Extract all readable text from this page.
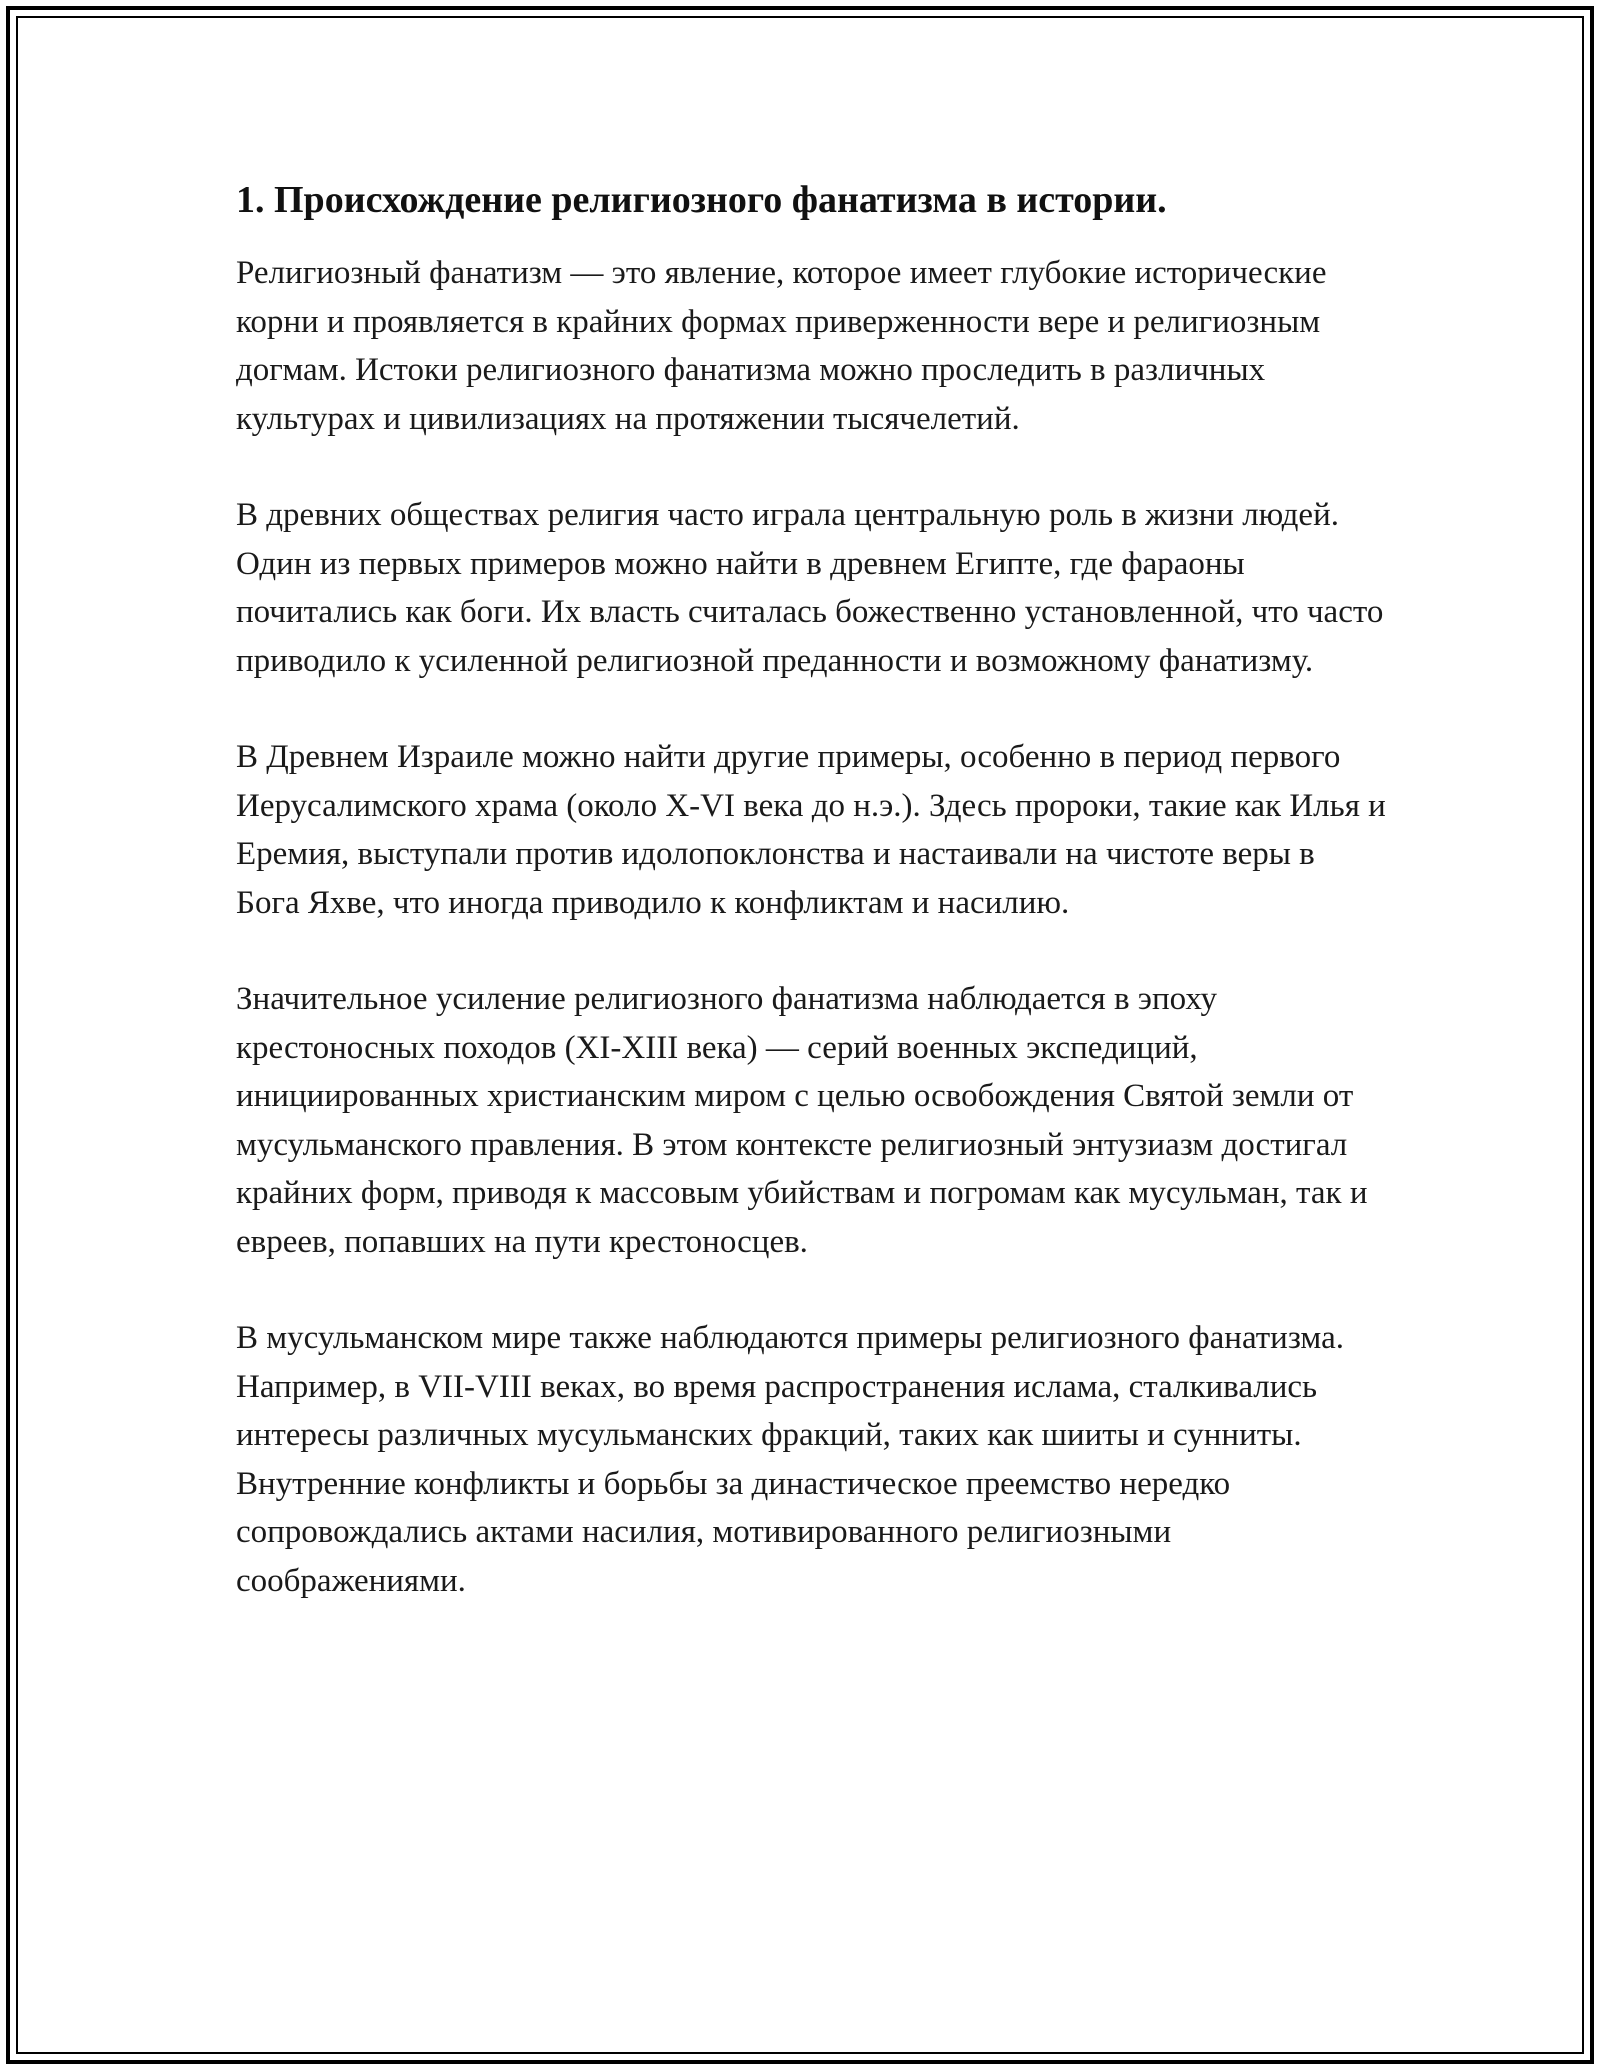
1. Происхождение религиозного фанатизма в истории.

Религиозный фанатизм — это явление, которое имеет глубокие исторические корни и проявляется в крайних формах приверженности вере и религиозным догмам. Истоки религиозного фанатизма можно проследить в различных культурах и цивилизациях на протяжении тысячелетий.

В древних обществах религия часто играла центральную роль в жизни людей. Один из первых примеров можно найти в древнем Египте, где фараоны почитались как боги. Их власть считалась божественно установленной, что часто приводило к усиленной религиозной преданности и возможному фанатизму.

В Древнем Израиле можно найти другие примеры, особенно в период первого Иерусалимского храма (около X-VI века до н.э.). Здесь пророки, такие как Илья и Еремия, выступали против идолопоклонства и настаивали на чистоте веры в Бога Яхве, что иногда приводило к конфликтам и насилию.

Значительное усиление религиозного фанатизма наблюдается в эпоху крестоносных походов (XI-XIII века) — серий военных экспедиций, инициированных христианским миром с целью освобождения Святой земли от мусульманского правления. В этом контексте религиозный энтузиазм достигал крайних форм, приводя к массовым убийствам и погромам как мусульман, так и евреев, попавших на пути крестоносцев.

В мусульманском мире также наблюдаются примеры религиозного фанатизма. Например, в VII-VIII веках, во время распространения ислама, сталкивались интересы различных мусульманских фракций, таких как шииты и сунниты. Внутренние конфликты и борьбы за династическое преемство нередко сопровождались актами насилия, мотивированного религиозными соображениями.
